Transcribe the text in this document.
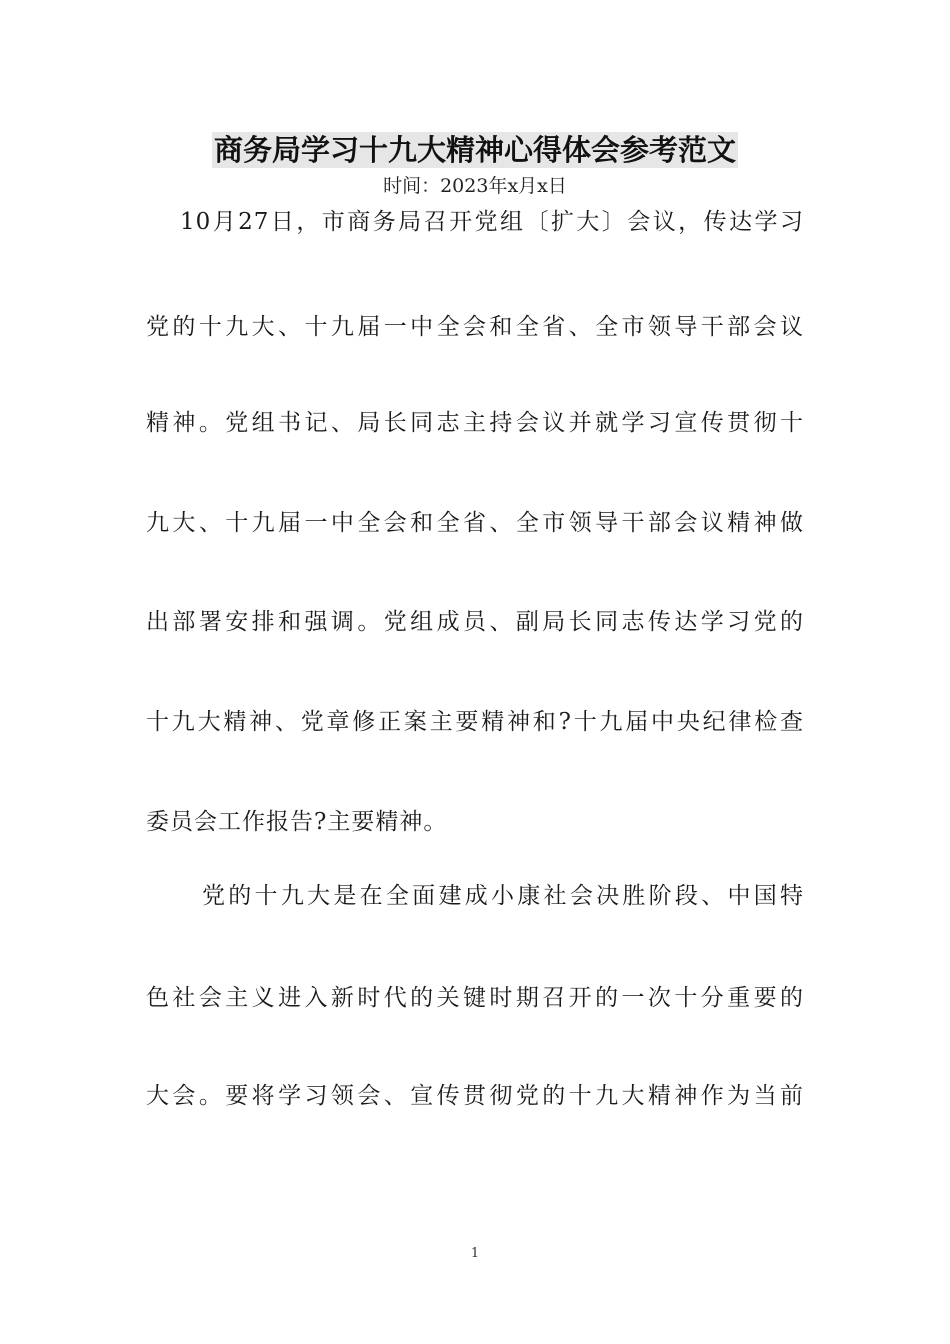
商务局学习十九大精神心得体会参考范文
时间：2023年x月x日
10月27日，市商务局召开党组〔扩大〕会议，传达学习
党的十九大、十九届一中全会和全省、全市领导干部会议
精神。党组书记、局长同志主持会议并就学习宣传贯彻十
九大、十九届一中全会和全省、全市领导干部会议精神做
出部署安排和强调。党组成员、副局长同志传达学习党的
十九大精神、党章修正案主要精神和?十九届中央纪律检查
委员会工作报告?主要精神。
党的十九大是在全面建成小康社会决胜阶段、中国特
色社会主义进入新时代的关键时期召开的一次十分重要的
大会。要将学习领会、宣传贯彻党的十九大精神作为当前
1
